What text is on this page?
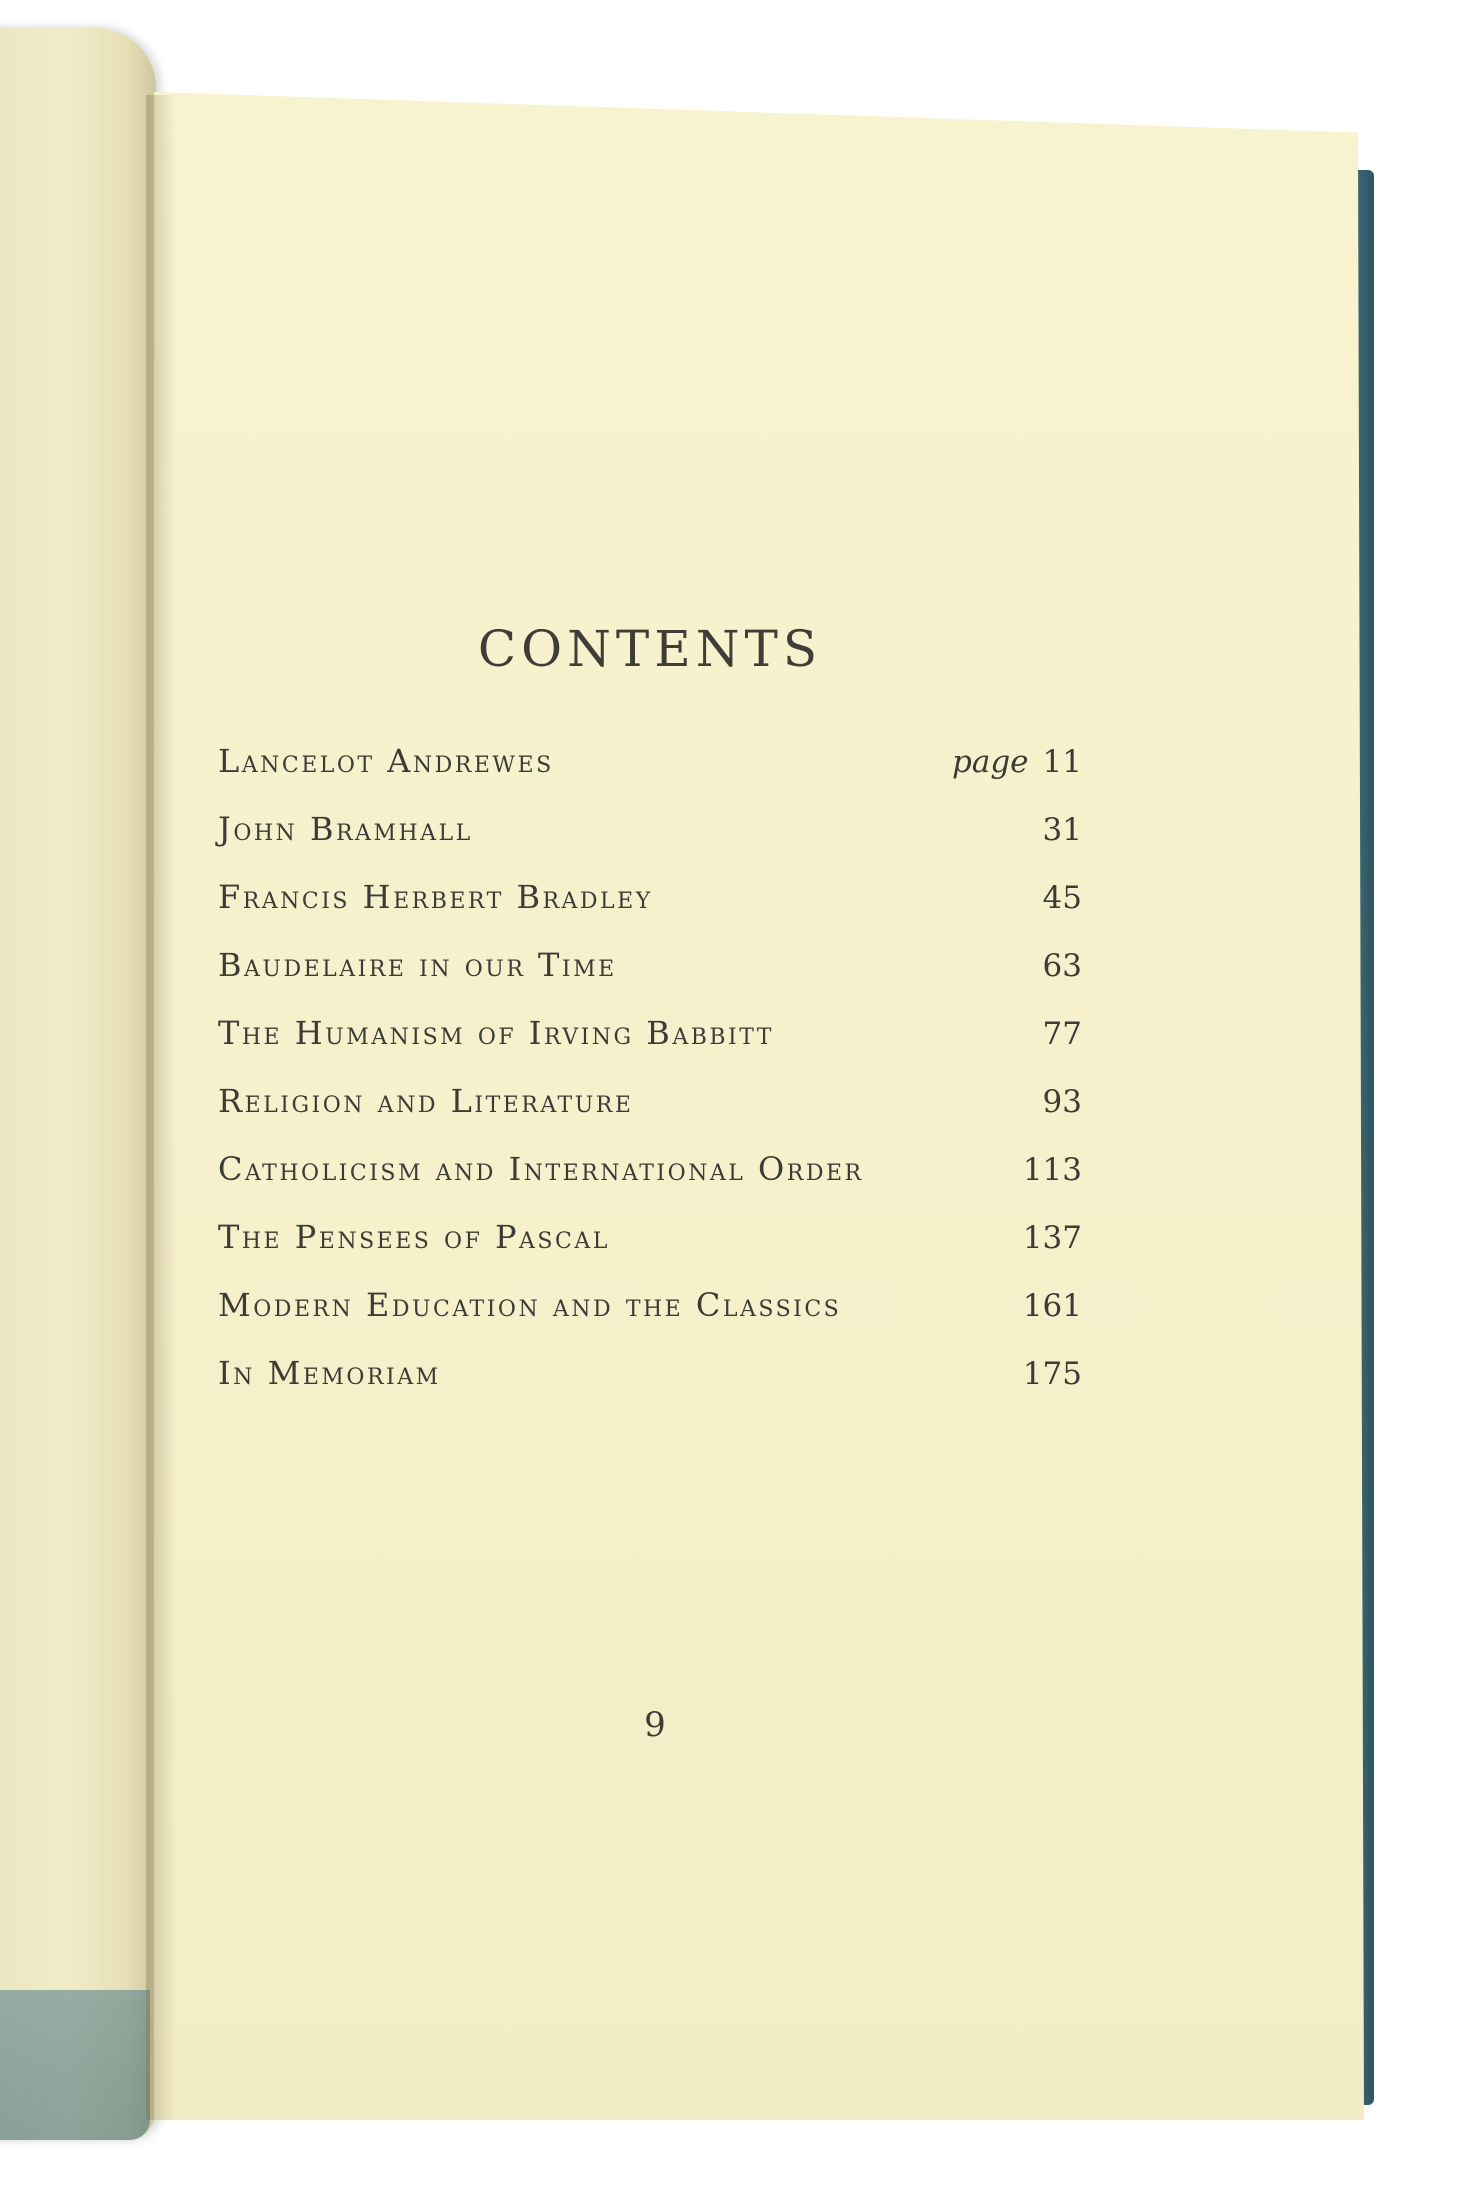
CONTENTS
Lancelot Andrewes	page 11
John Bramhall	31
Francis Herbert Bradley	45
Baudelaire in our Time	63
The Humanism of Irving Babbitt	77
Religion and Literature	93
Catholicism and International Order	113
The Pensees of Pascal	137
Modern Education and the Classics	161
In Memoriam	175
9
